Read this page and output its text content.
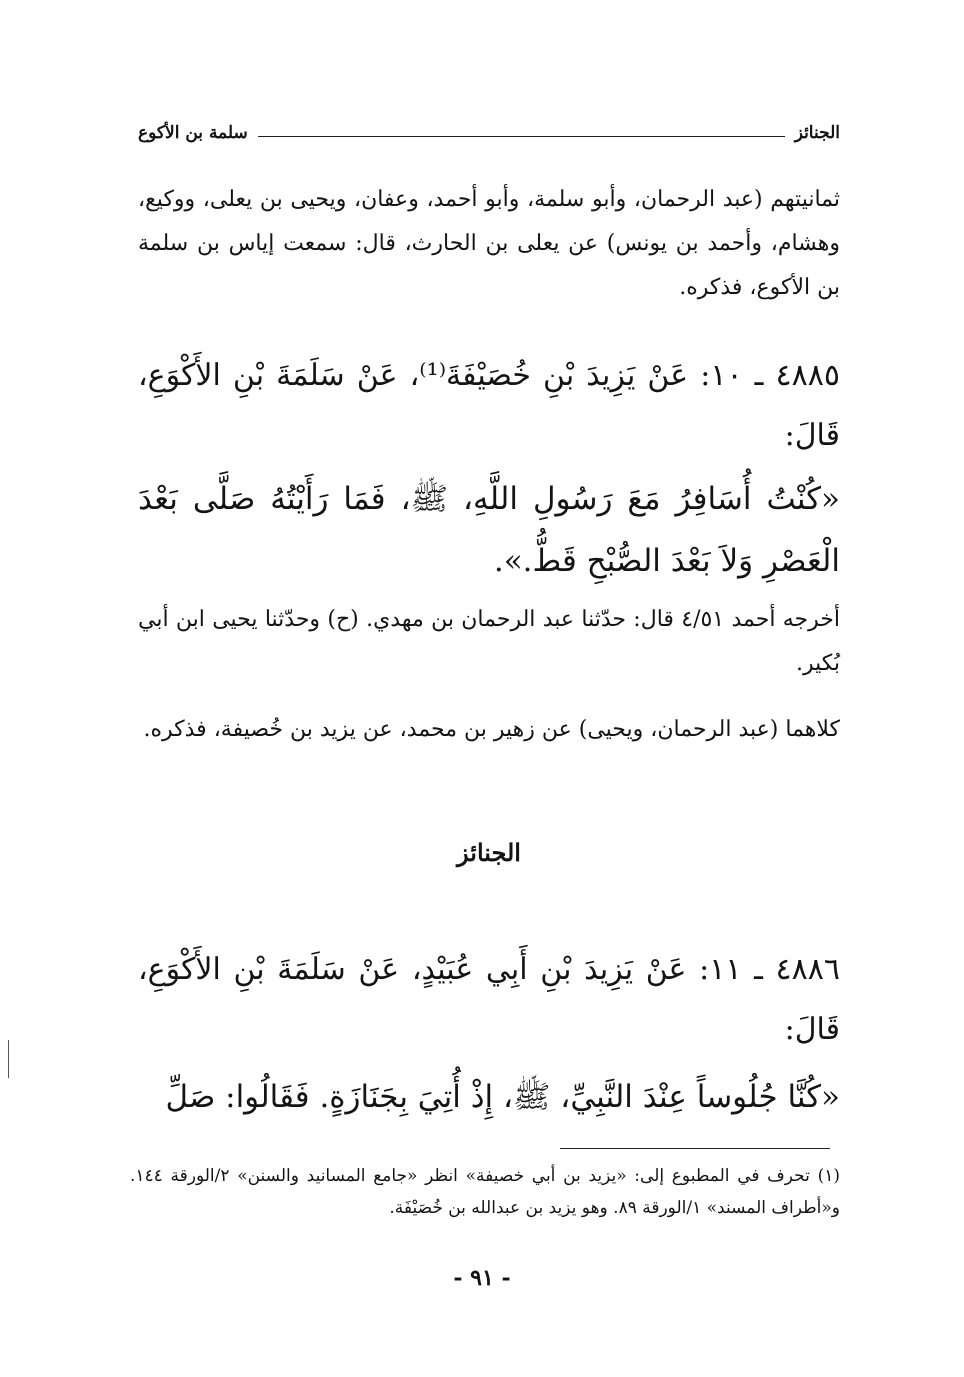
الجنائز
سلمة بن الأكوع
ثمانيتهم (عبد الرحمان، وأبو سلمة، وأبو أحمد، وعفان، ويحيى بن يعلى، ووكيع، وهشام، وأحمد بن يونس) عن يعلى بن الحارث، قال: سمعت إياس بن سلمة بن الأكوع، فذكره.
٤٨٨٥ ـ ١٠: عَنْ يَزِيدَ بْنِ خُصَيْفَةَ⁽¹⁾، عَنْ سَلَمَةَ بْنِ الأَكْوَعِ، قَالَ:
«كُنْتُ أُسَافِرُ مَعَ رَسُولِ اللَّهِ، ﷺ، فَمَا رَأَيْتُهُ صَلَّى بَعْدَ الْعَصْرِ وَلاَ بَعْدَ الصُّبْحِ قَطُّ.».
أخرجه أحمد ٤/٥١ قال: حدّثنا عبد الرحمان بن مهدي. (ح) وحدّثنا يحيى ابن أبي بُكير.
كلاهما (عبد الرحمان، ويحيى) عن زهير بن محمد، عن يزيد بن خُصيفة، فذكره.
الجنائز
٤٨٨٦ ـ ١١: عَنْ يَزِيدَ بْنِ أَبِي عُبَيْدٍ، عَنْ سَلَمَةَ بْنِ الأَكْوَعِ، قَالَ:
«كُنَّا جُلُوساً عِنْدَ النَّبِيِّ، ﷺ، إِذْ أُتِيَ بِجَنَازَةٍ. فَقَالُوا: صَلِّ
(١) تحرف في المطبوع إلى: «يزيد بن أبي خصيفة» انظر «جامع المسانيد والسنن» ٢/الورقة ١٤٤. و«أطراف المسند» ١/الورقة ٨٩. وهو يزيد بن عبدالله بن خُصَيْفَة.
- ٩١ -
